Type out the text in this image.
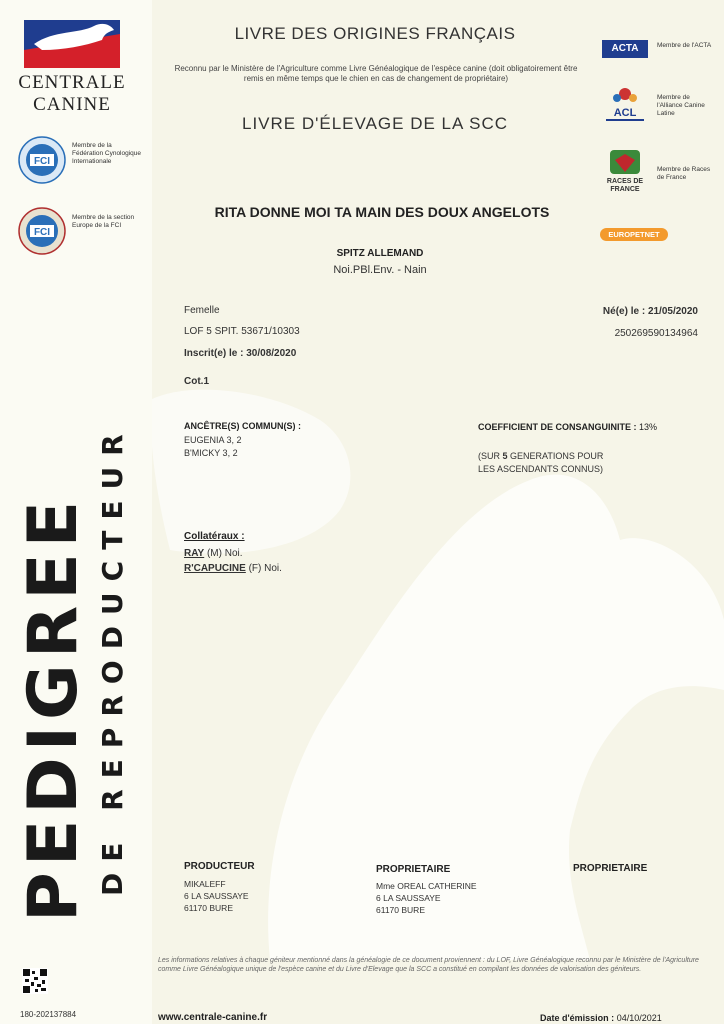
CENTRALE
CANINE
FCI
Membre de la Fédération Cynologique Internationale
FCI
Membre de la section Europe de la FCI
PEDIGREE DE REPRODUCTEUR
180-202137884
LIVRE DES ORIGINES FRANÇAIS
Reconnu par le Ministère de l'Agriculture comme Livre Généalogique de l'espèce canine (doit obligatoirement être remis en même temps que le chien en cas de changement de propriétaire)
LIVRE D'ÉLEVAGE DE LA SCC
ACTA	Membre de l'ACTA
ACL
Membre de l'Alliance Canine Latine
RACES DE FRANCE
Membre de Races de France
EUROPETNET
RITA DONNE MOI TA MAIN DES DOUX ANGELOTS
SPITZ ALLEMAND
Noi.PBl.Env. - Nain
Femelle
LOF 5 SPIT. 53671/10303
Inscrit(e) le : 30/08/2020
Cot.1
Né(e) le : 21/05/2020
250269590134964
ANCÊTRE(S) COMMUN(S) :
EUGENIA 3, 2
B'MICKY 3, 2
COEFFICIENT DE CONSANGUINITE : 13%
(SUR 5 GENERATIONS POUR
LES ASCENDANTS CONNUS)
Collatéraux :
RAY (M) Noi.
R'CAPUCINE (F) Noi.
PRODUCTEUR
MIKALEFF
6 LA SAUSSAYE
61170 BURE
PROPRIETAIRE
Mme OREAL CATHERINE
6 LA SAUSSAYE
61170 BURE
PROPRIETAIRE
Les informations relatives à chaque géniteur mentionné dans la généalogie de ce document proviennent : du LOF, Livre Généalogique reconnu par le Ministère de l'Agriculture comme Livre Généalogique unique de l'espèce canine et du Livre d'Elevage que la SCC a constitué en compilant les données de valorisation des géniteurs.
www.centrale-canine.fr	Date d'émission : 04/10/2021
